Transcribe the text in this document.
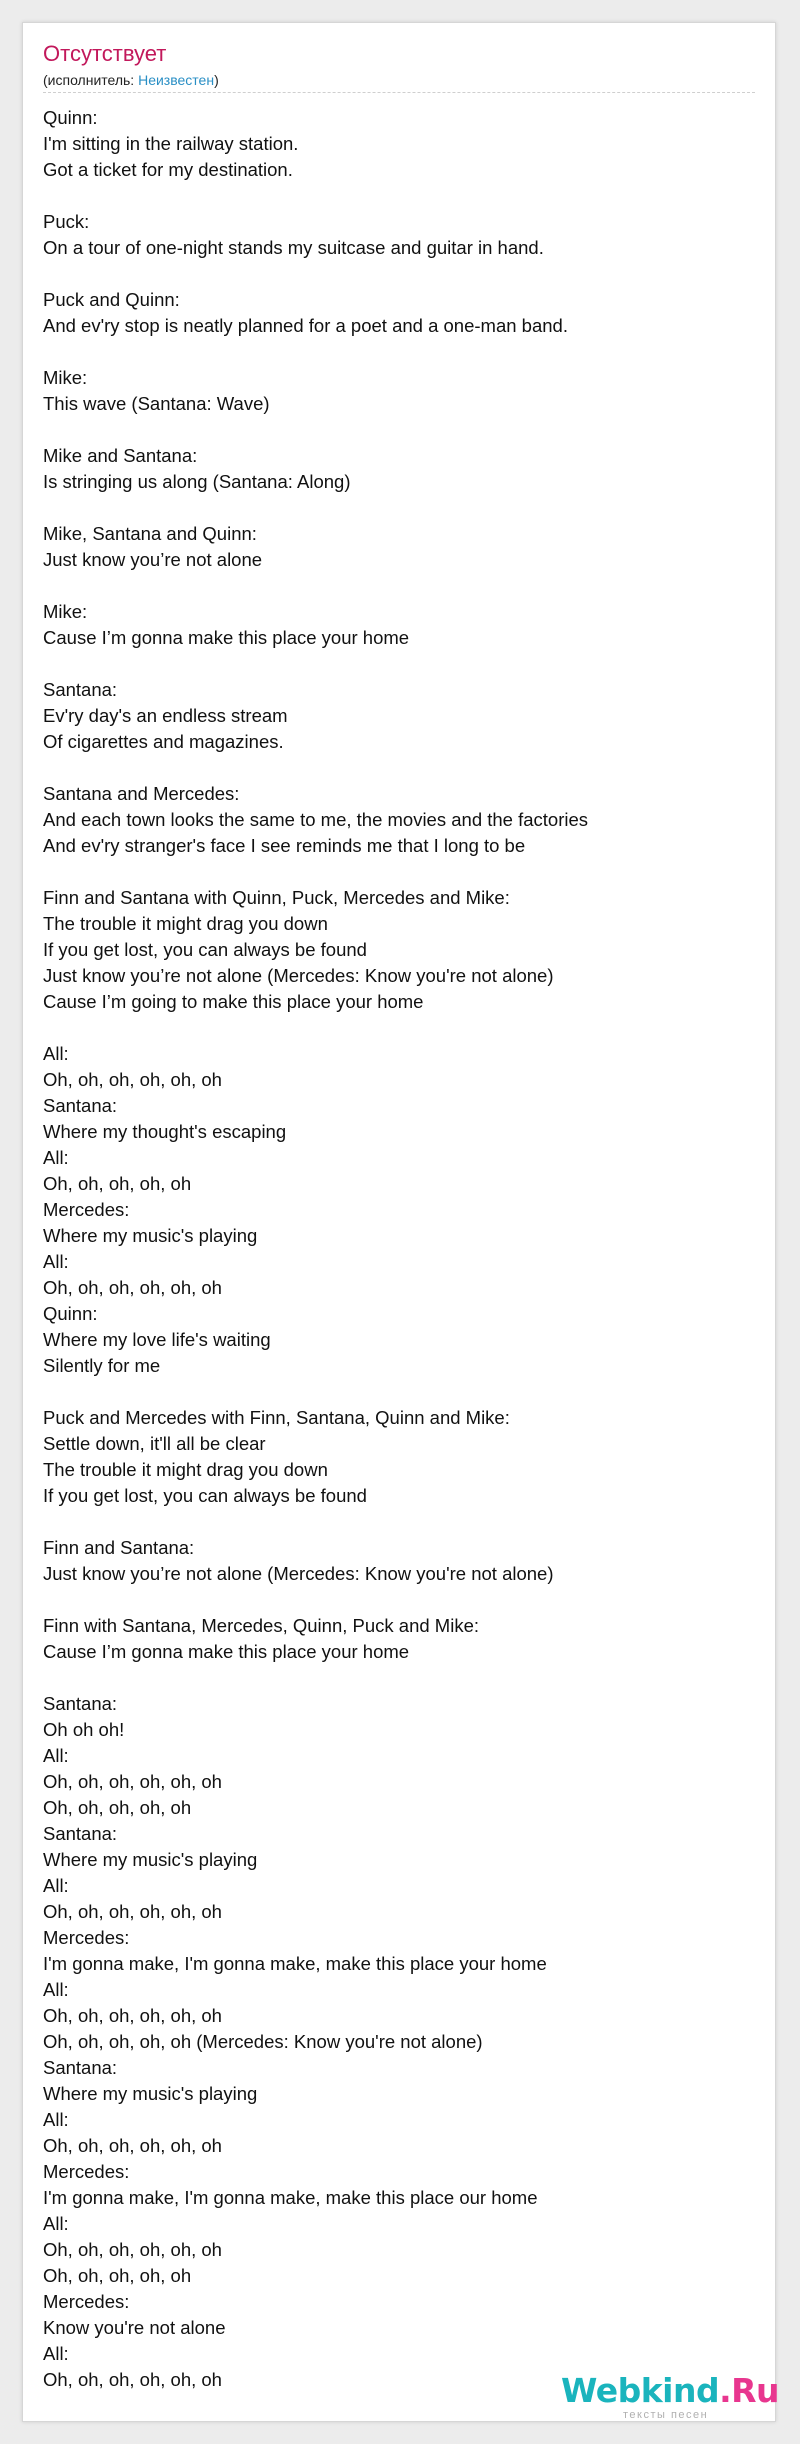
Отсутствует
(исполнитель: Неизвестен)
Quinn:
I'm sitting in the railway station.
Got a ticket for my destination.
Puck:
On a tour of one-night stands my suitcase and guitar in hand.
Puck and Quinn:
And ev'ry stop is neatly planned for a poet and a one-man band.
Mike:
This wave (Santana: Wave)
Mike and Santana:
Is stringing us along (Santana: Along)
Mike, Santana and Quinn:
Just know you’re not alone
Mike:
Cause I’m gonna make this place your home
Santana:
Ev'ry day's an endless stream
Of cigarettes and magazines.
Santana and Mercedes:
And each town looks the same to me, the movies and the factories
And ev'ry stranger's face I see reminds me that I long to be
Finn and Santana with Quinn, Puck, Mercedes and Mike:
The trouble it might drag you down
If you get lost, you can always be found
Just know you’re not alone (Mercedes: Know you're not alone)
Cause I’m going to make this place your home
All:
Oh, oh, oh, oh, oh, oh
Santana:
Where my thought's escaping
All:
Oh, oh, oh, oh, oh
Mercedes:
Where my music's playing
All:
Oh, oh, oh, oh, oh, oh
Quinn:
Where my love life's waiting
Silently for me
Puck and Mercedes with Finn, Santana, Quinn and Mike:
Settle down, it'll all be clear
The trouble it might drag you down
If you get lost, you can always be found
Finn and Santana:
Just know you’re not alone (Mercedes: Know you're not alone)
Finn with Santana, Mercedes, Quinn, Puck and Mike:
Cause I’m gonna make this place your home
Santana:
Oh oh oh!
All:
Oh, oh, oh, oh, oh, oh
Oh, oh, oh, oh, oh
Santana:
Where my music's playing
All:
Oh, oh, oh, oh, oh, oh
Mercedes:
I'm gonna make, I'm gonna make, make this place your home
All:
Oh, oh, oh, oh, oh, oh
Oh, oh, oh, oh, oh (Mercedes: Know you're not alone)
Santana:
Where my music's playing
All:
Oh, oh, oh, oh, oh, oh
Mercedes:
I'm gonna make, I'm gonna make, make this place our home
All:
Oh, oh, oh, oh, oh, oh
Oh, oh, oh, oh, oh
Mercedes:
Know you're not alone
All:
Oh, oh, oh, oh, oh, oh	Webkind.Ru
тексты песен
